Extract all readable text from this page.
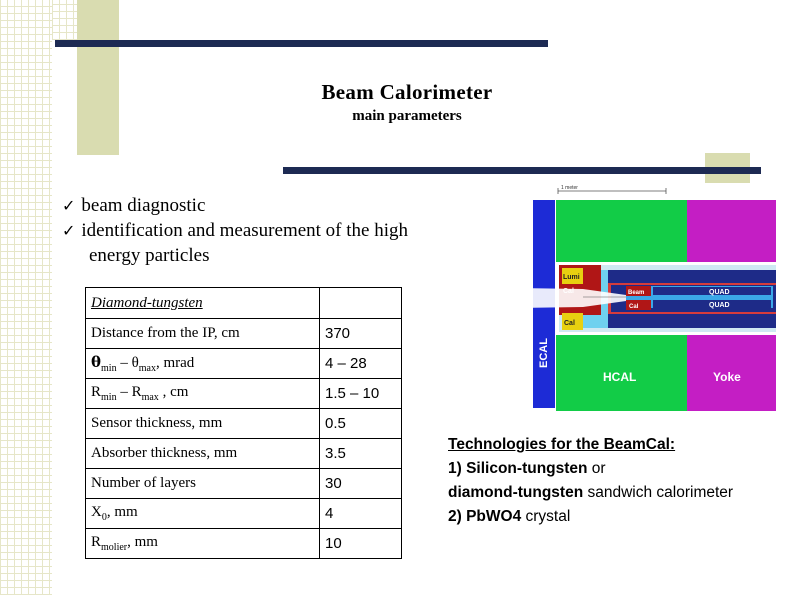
Beam Calorimeter
main parameters
✓ beam diagnostic
✓ identification and measurement of the high
energy particles
Diamond-tungsten	
Distance from the IP, cm	370
$\theta_{min} - \theta_{max}$, mrad	4 – 28
$R_{min} - R_{max}$ , cm	1.5 – 10
Sensor thickness, mm	0.5
Absorber thickness, mm	3.5
Number of layers	30
$X_0$, mm	4
$R_{molier}$, mm	10
1 meter
ECAL
HCAL	Yoke
Lumi
Cal
Beam
Cal
QUAD
QUAD
Technologies for the BeamCal:
1) Silicon-tungsten or
diamond-tungsten sandwich calorimeter
2) PbWO4 crystal
